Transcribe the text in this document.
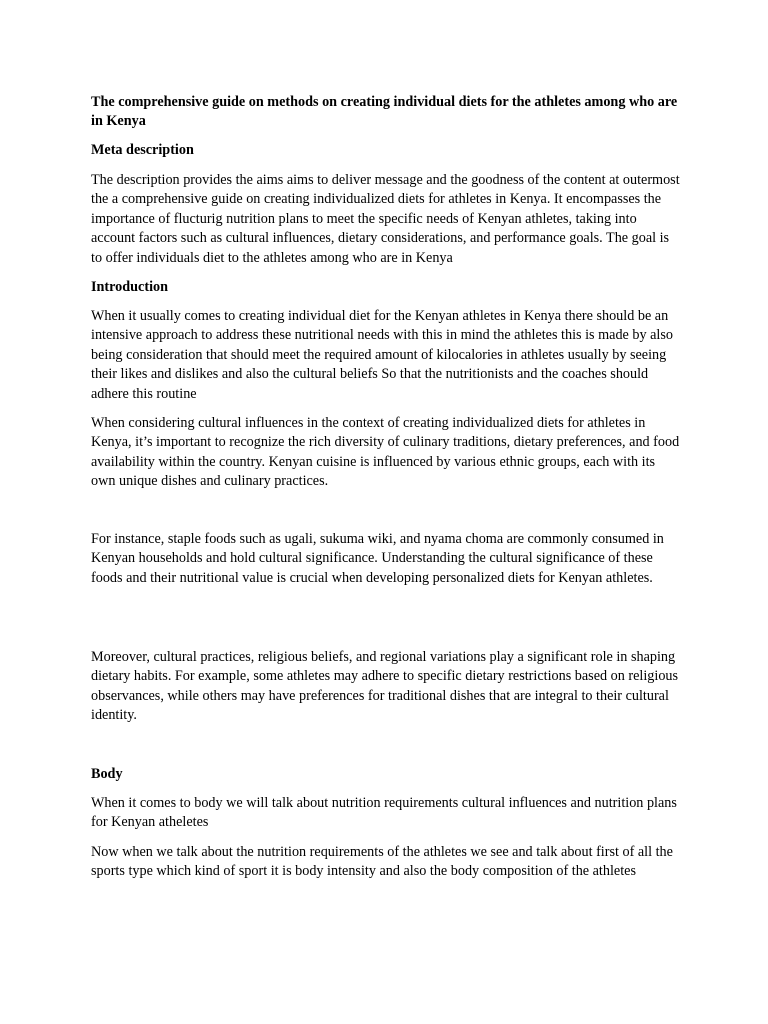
The comprehensive guide on methods on creating individual diets for the athletes among who are in Kenya

Meta description

The description provides the aims aims to deliver message and the goodness of the content at outermost the a comprehensive guide on creating individualized diets for athletes in Kenya. It encompasses the importance of flucturig nutrition plans to meet the specific needs of Kenyan athletes, taking into account factors such as cultural influences, dietary considerations, and performance goals. The goal is to offer individuals diet to the athletes among who are in Kenya

Introduction

When it usually comes to creating individual diet for the Kenyan athletes in Kenya there should be an intensive approach to address these nutritional needs with this in mind the athletes this is made by also being consideration that should meet the required amount of kilocalories in athletes usually by seeing their likes and dislikes and also the cultural beliefs So that the nutritionists and the coaches should adhere this routine

When considering cultural influences in the context of creating individualized diets for athletes in Kenya, it’s important to recognize the rich diversity of culinary traditions, dietary preferences, and food availability within the country. Kenyan cuisine is influenced by various ethnic groups, each with its own unique dishes and culinary practices.

For instance, staple foods such as ugali, sukuma wiki, and nyama choma are commonly consumed in Kenyan households and hold cultural significance. Understanding the cultural significance of these foods and their nutritional value is crucial when developing personalized diets for Kenyan athletes.

Moreover, cultural practices, religious beliefs, and regional variations play a significant role in shaping dietary habits. For example, some athletes may adhere to specific dietary restrictions based on religious observances, while others may have preferences for traditional dishes that are integral to their cultural identity.

Body

When it comes to body we will talk about nutrition requirements cultural influences and nutrition plans for Kenyan atheletes

Now when we talk about the nutrition requirements of the athletes we see and talk about first of all the sports type which kind of sport it is body intensity and also the body composition of the athletes
